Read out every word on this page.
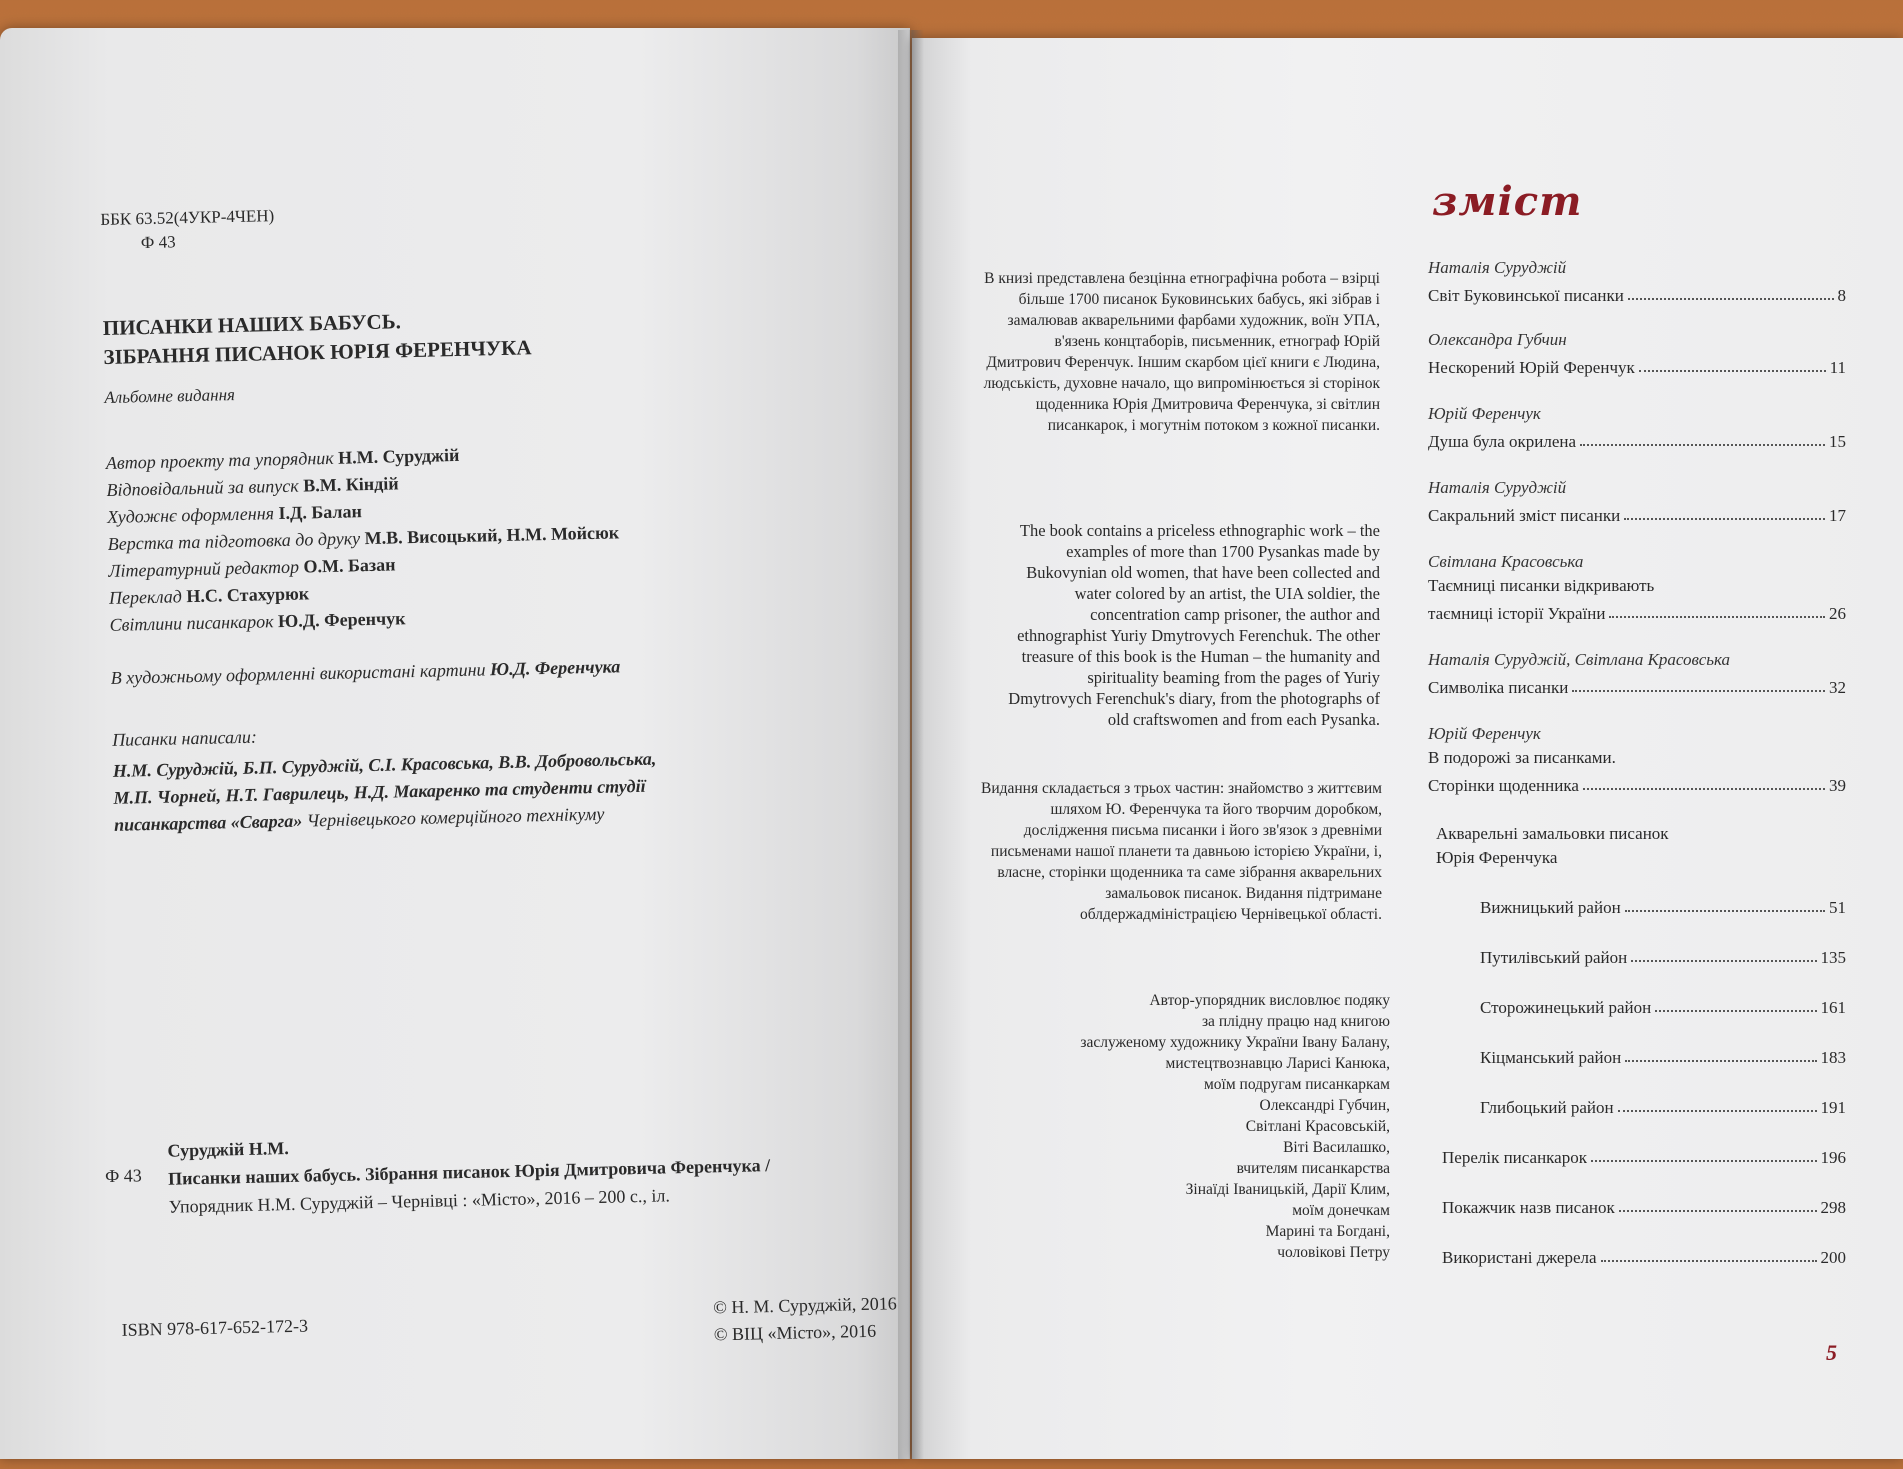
ББК 63.52(4УКР-4ЧЕН)
Ф 43
ПИСАНКИ НАШИХ БАБУСЬ.
ЗІБРАННЯ ПИСАНОК ЮРІЯ ФЕРЕНЧУКА
Альбомне видання
Автор проекту та упорядник Н.М. Суруджій
Відповідальний за випуск В.М. Кіндій
Художнє оформлення І.Д. Балан
Верстка та підготовка до друку М.В. Висоцький, Н.М. Мойсюк
Літературний редактор О.М. Базан
Переклад Н.С. Стахурюк
Світлини писанкарок Ю.Д. Ференчук
В художньому оформленні використані картини Ю.Д. Ференчука
Писанки написали:
Н.М. Суруджій, Б.П. Суруджій, С.І. Красовська, В.В. Добровольська,
М.П. Чорней, Н.Т. Гаврилець, Н.Д. Макаренко та студенти студії
писанкарства «Сварга» Чернівецького комерційного технікуму
Ф 43
Суруджій Н.М.
Писанки наших бабусь. Зібрання писанок Юрія Дмитровича Ференчука /
Упорядник Н.М. Суруджій – Чернівці : «Місто», 2016 – 200 с., іл.
ISBN 978-617-652-172-3
© Н. М. Суруджій, 2016
© ВІЦ «Місто», 2016
зміст
В книзі представлена безцінна етнографічна робота – взірці більше 1700 писанок Буковинських бабусь, які зібрав і замалював акварельними фарбами художник, воїн УПА, в'язень концтаборів, письменник, етнограф Юрій Дмитрович Ференчук. Іншим скарбом цієї книги є Людина, людськість, духовне начало, що випромінюється зі сторінок щоденника Юрія Дмитровича Ференчука, зі світлин писанкарок, і могутнім потоком з кожної писанки.
The book contains a priceless ethnographic work – the examples of more than 1700 Pysankas made by Bukovynian old women, that have been collected and water colored by an artist, the UIA soldier, the concentration camp prisoner, the author and ethnographist Yuriy Dmytrovych Ferenchuk. The other treasure of this book is the Human – the humanity and spirituality beaming from the pages of Yuriy Dmytrovych Ferenchuk's diary, from the photographs of old craftswomen and from each Pysanka.
Видання складається з трьох частин: знайомство з життєвим шляхом Ю. Ференчука та його творчим доробком, дослідження письма писанки і його зв'язок з древніми письменами нашої планети та давньою історією України, і, власне, сторінки щоденника та саме зібрання акварельних замальовок писанок. Видання підтримане облдержадміністрацією Чернівецької області.
Автор-упорядник висловлює подяку
за плідну працю над книгою
заслуженому художнику України Івану Балану,
мистецтвознавцю Ларисі Канюка,
моїм подругам писанкаркам
Олександрі Губчин,
Світлані Красовській,
Віті Василашко,
вчителям писанкарства
Зінаїді Іваницькій, Дарії Клим,
моїм донечкам
Марині та Богдані,
чоловікові Петру
Наталія Суруджій
Світ Буковинської писанки	8
Олександра Губчин
Нескорений Юрій Ференчук	11
Юрій Ференчук
Душа була окрилена	15
Наталія Суруджій
Сакральний зміст писанки	17
Світлана Красовська
Таємниці писанки відкривають
таємниці історії України	26
Наталія Суруджій, Світлана Красовська
Символіка писанки	32
Юрій Ференчук
В подорожі за писанками.
Сторінки щоденника	39
Акварельні замальовки писанок
Юрія Ференчука
Вижницький район	51
Путилівський район	135
Сторожинецький район	161
Кіцманський район	183
Глибоцький район	191
Перелік писанкарок	196
Покажчик назв писанок	298
Використані джерела	200
5
